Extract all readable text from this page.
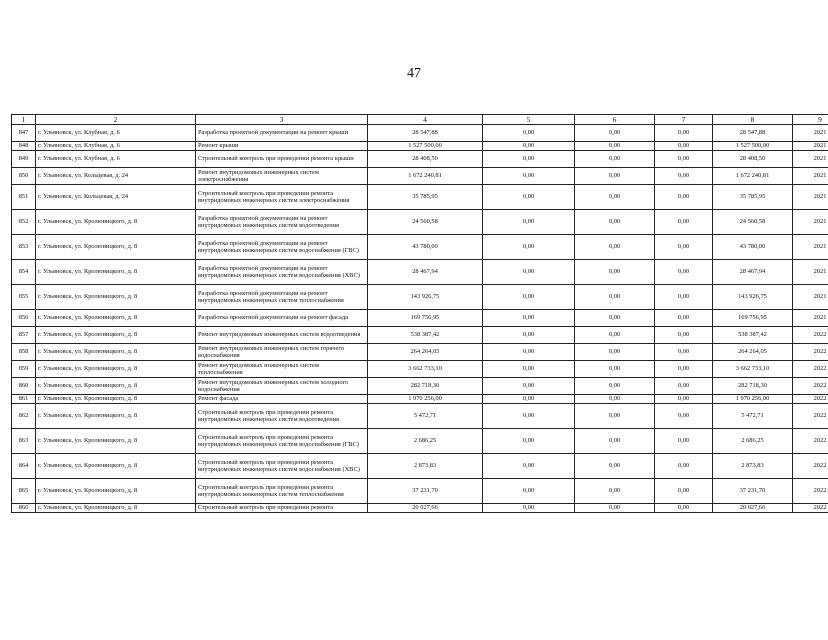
47
1	2	3	4	5	6	7	8	9
847	г. Ульяновск, ул. Клубная, д. 6	Разработка проектной документации на ремонт крыши	28 547,88	0,00	0,00	0,00	28 547,88	2021
848	г. Ульяновск, ул. Клубная, д. 6	Ремонт крыши	1 527 500,00	0,00	0,00	0,00	1 527 500,00	2021
849	г. Ульяновск, ул. Клубная, д. 6	Строительный контроль при проведении ремонта крыши	28 408,50	0,00	0,00	0,00	28 408,50	2021
850	г. Ульяновск, ул. Кольцевая, д. 24	Ремонт внутридомовых инженерных систем электроснабжения	1 672 240,81	0,00	0,00	0,00	1 672 240,81	2021
851	г. Ульяновск, ул. Кольцевая, д. 24	Строительный контроль при проведении ремонта внутридомовых инженерных систем электроснабжения	35 785,95	0,00	0,00	0,00	35 785,95	2021
852	г. Ульяновск, ул. Кролюницкого, д. 8	Разработка проектной документации на ремонт внутридомовых инженерных систем водоотведения	24 560,58	0,00	0,00	0,00	24 560,58	2021
853	г. Ульяновск, ул. Кролюницкого, д. 8	Разработка проектной документации на ремонт внутридомовых инженерных систем водоснабжения (ГВС)	43 780,00	0,00	0,00	0,00	43 780,00	2021
854	г. Ульяновск, ул. Кролюницкого, д. 8	Разработка проектной документации на ремонт внутридомовых инженерных систем водоснабжения (ХВС)	28 467,94	0,00	0,00	0,00	28 467,94	2021
855	г. Ульяновск, ул. Кролюницкого, д. 8	Разработка проектной документации на ремонт внутридомовых инженерных систем теплоснабжения	143 926,75	0,00	0,00	0,00	143 926,75	2021
856	г. Ульяновск, ул. Кролюницкого, д. 8	Разработка проектной документации на ремонт фасада	169 756,95	0,00	0,00	0,00	169 756,95	2021
857	г. Ульяновск, ул. Кролюницкого, д. 8	Ремонт внутридомовых инженерных систем водоотведения	538 387,42	0,00	0,00	0,00	538 387,42	2022
858	г. Ульяновск, ул. Кролюницкого, д. 8	Ремонт внутридомовых инженерных систем горячего водоснабжения	264 264,05	0,00	0,00	0,00	264 264,05	2022
859	г. Ульяновск, ул. Кролюницкого, д. 8	Ремонт внутридомовых инженерных систем теплоснабжения	3 662 733,10	0,00	0,00	0,00	3 662 733,10	2022
860	г. Ульяновск, ул. Кролюницкого, д. 8	Ремонт внутридомовых инженерных систем холодного водоснабжения	282 718,30	0,00	0,00	0,00	282 718,30	2022
861	г. Ульяновск, ул. Кролюницкого, д. 8	Ремонт фасада	1 970 256,00	0,00	0,00	0,00	1 970 256,00	2022
862	г. Ульяновск, ул. Кролюницкого, д. 8	Строительный контроль при проведении ремонта внутридомовых инженерных систем водоотведения	5 472,71	0,00	0,00	0,00	5 472,71	2022
863	г. Ульяновск, ул. Кролюницкого, д. 8	Строительный контроль при проведении ремонта внутридомовых инженерных систем водоснабжения (ГВС)	2 686,25	0,00	0,00	0,00	2 686,25	2022
864	г. Ульяновск, ул. Кролюницкого, д. 8	Строительный контроль при проведении ремонта внутридомовых инженерных систем водоснабжения (ХВС)	2 873,83	0,00	0,00	0,00	2 873,83	2022
865	г. Ульяновск, ул. Кролюницкого, д. 8	Строительный контроль при проведении ремонта внутридомовых инженерных систем теплоснабжения	37 231,70	0,00	0,00	0,00	37 231,70	2022
866	г. Ульяновск, ул. Кролюницкого, д. 8	Строительный контроль при проведении ремонта	20 027,66	0,00	0,00	0,00	20 027,66	2022
